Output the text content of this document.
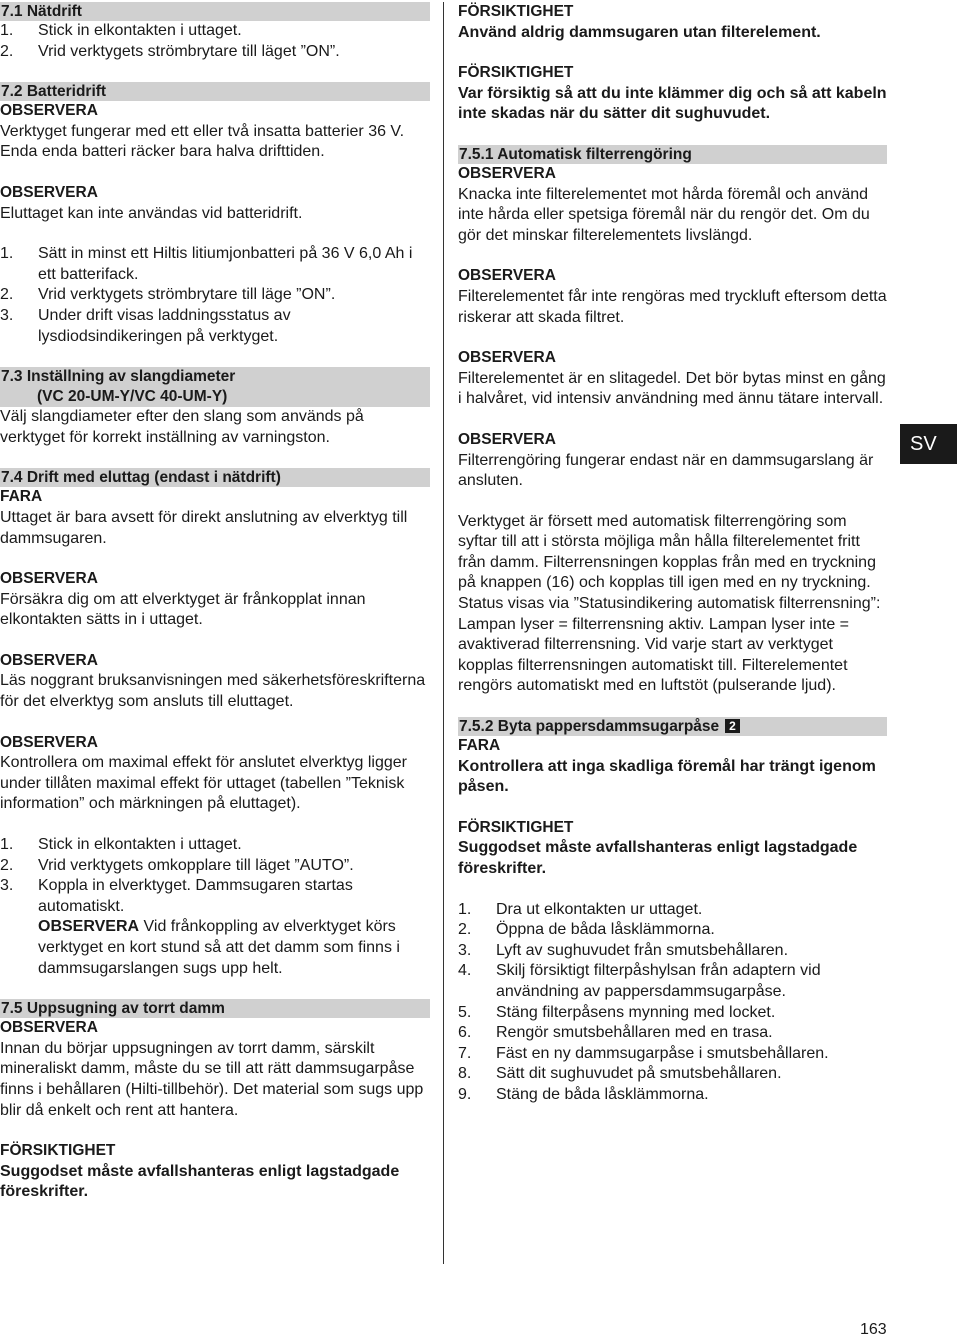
7.1 Nätdrift
1. Stick in elkontakten i uttaget.
2. Vrid verktygets strömbrytare till läget ”ON”.
7.2 Batteridrift

OBSERVERA

Verktyget fungerar med ett eller två insatta batterier 36 V. Enda enda batteri räcker bara halva drifttiden.

OBSERVERA

Eluttaget kan inte användas vid batteridrift.

1. Sätt in minst ett Hiltis litiumjonbatteri på 36 V 6,0 Ah i ett batterifack.
2. Vrid verktygets strömbrytare till läge ”ON”.
3. Under drift visas laddningsstatus av lysdiodsindikeringen på verktyget.
7.3 Inställning av slangdiameter
(VC 20-UM-Y/VC 40-UM-Y)

Välj slangdiameter efter den slang som används på verktyget för korrekt inställning av varningston.

7.4 Drift med eluttag (endast i nätdrift)

FARA

Uttaget är bara avsett för direkt anslutning av elverktyg till dammsugaren.

OBSERVERA

Försäkra dig om att elverktyget är frånkopplat innan elkontakten sätts in i uttaget.

OBSERVERA

Läs noggrant bruksanvisningen med säkerhetsföreskrifterna för det elverktyg som ansluts till eluttaget.

OBSERVERA

Kontrollera om maximal effekt för anslutet elverktyg ligger under tillåten maximal effekt för uttaget (tabellen ”Teknisk information” och märkningen på eluttaget).

1. Stick in elkontakten i uttaget.
2. Vrid verktygets omkopplare till läget ”AUTO”.
3. Koppla in elverktyget. Dammsugaren startas automatiskt.
OBSERVERA Vid frånkoppling av elverktyget körs verktyget en kort stund så att det damm som finns i dammsugarslangen sugs upp helt.
7.5 Uppsugning av torrt damm

OBSERVERA

Innan du börjar uppsugningen av torrt damm, särskilt mineraliskt damm, måste du se till att rätt dammsugarpåse finns i behållaren (Hilti-tillbehör). Det material som sugs upp blir då enkelt och rent att hantera.

FÖRSIKTIGHET

Suggodset måste avfallshanteras enligt lagstadgade föreskrifter.

FÖRSIKTIGHET

Använd aldrig dammsugaren utan filterelement.

FÖRSIKTIGHET

Var försiktig så att du inte klämmer dig och så att kabeln inte skadas när du sätter dit sughuvudet.

7.5.1 Automatisk filterrengöring

OBSERVERA

Knacka inte filterelementet mot hårda föremål och använd inte hårda eller spetsiga föremål när du rengör det. Om du gör det minskar filterelementets livslängd.

OBSERVERA

Filterelementet får inte rengöras med tryckluft eftersom detta riskerar att skada filtret.

OBSERVERA

Filterelementet är en slitagedel. Det bör bytas minst en gång i halvåret, vid intensiv användning med ännu tätare intervall.

OBSERVERA

Filterrengöring fungerar endast när en dammsugarslang är ansluten.

Verktyget är försett med automatisk filterrengöring som syftar till att i största möjliga mån hålla filterelementet fritt från damm. Filterrensningen kopplas från med en tryckning på knappen (16) och kopplas till igen med en ny tryckning. Status visas via ”Statusindikering automatisk filterrensning”: Lampan lyser = filterrensning aktiv. Lampan lyser inte = avaktiverad filterrensning. Vid varje start av verktyget kopplas filterrensningen automatiskt till. Filterelementet rengörs automatiskt med en luftstöt (pulserande ljud).

7.5.2 Byta pappersdammsugarpåse 2

FARA

Kontrollera att inga skadliga föremål har trängt igenom påsen.

FÖRSIKTIGHET

Suggodset måste avfallshanteras enligt lagstadgade föreskrifter.

1. Dra ut elkontakten ur uttaget.
2. Öppna de båda låsklämmorna.
3. Lyft av sughuvudet från smutsbehållaren.
4. Skilj försiktigt filterpåshylsan från adaptern vid användning av pappersdammsugarpåse.
5. Stäng filterpåsens mynning med locket.
6. Rengör smutsbehållaren med en trasa.
7. Fäst en ny dammsugarpåse i smutsbehållaren.
8. Sätt dit sughuvudet på smutsbehållaren.
9. Stäng de båda låsklämmorna.
SV
163
